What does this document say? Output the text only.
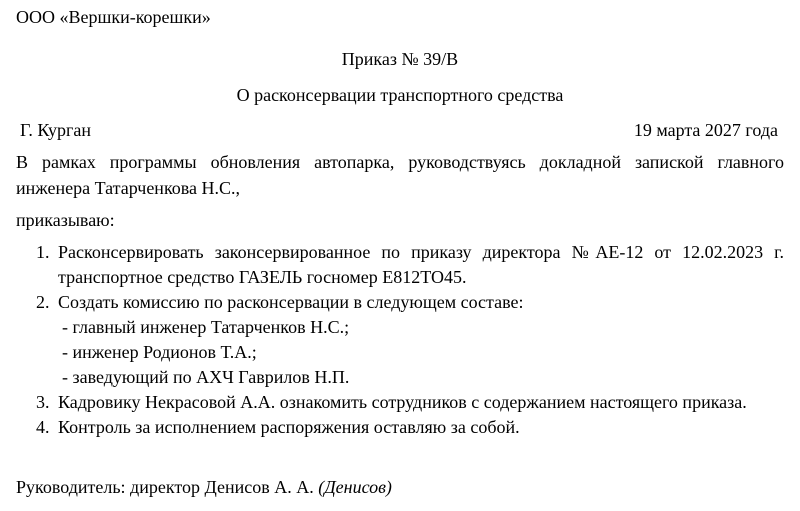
ООО «Вершки-корешки»
Приказ № 39/В
О расконсервации транспортного средства
Г. Курган	19 марта 2027 года
В рамках программы обновления автопарка, руководствуясь докладной запиской главного инженера Татарченкова Н.С.,
приказываю:
1. Расконсервировать законсервированное по приказу директора №АЕ-12 от 12.02.2023 г. транспортное средство ГАЗЕЛЬ госномер Е812ТО45.
2. Создать комиссию по расконсервации в следующем составе:
- главный инженер Татарченков Н.С.;
- инженер Родионов Т.А.;
- заведующий по АХЧ Гаврилов Н.П.
3. Кадровику Некрасовой А.А. ознакомить сотрудников с содержанием настоящего приказа.
4. Контроль за исполнением распоряжения оставляю за собой.
Руководитель: директор Денисов А. А. (Денисов)
